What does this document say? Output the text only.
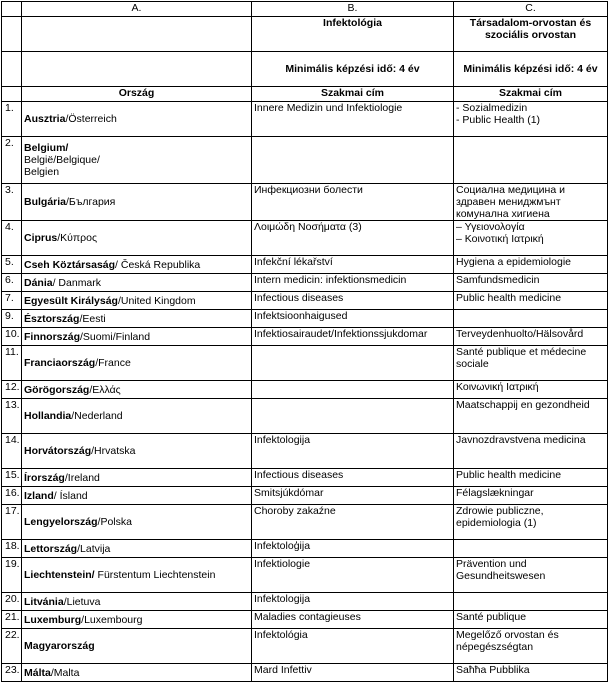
	A.	B.	C.
		Infektológia	Társadalom-orvostan és szociális orvostan
		Minimális képzési idő: 4 év	Minimális képzési idő: 4 év
	Ország	Szakmai cím	Szakmai cím
1.	Ausztria/Österreich	Innere Medizin und Infektiologie	- Sozialmedizin
- Public Health (1)
2.	Belgium/
België/Belgique/
Belgien		
3.	Bulgária/България	Инфекциозни болести	Социална медицина и здравен мениджмънт комунална хигиена
4.	Ciprus/Κύπρος	Λοιμώδη Νοσήματα (3)	– Υγειονολογία
– Κοινοτική Ιατρική
5.	Cseh Köztársaság/ Česká Republika	Infekční lékařství	Hygiena a epidemiologie
6.	Dánia/ Danmark	Intern medicin: infektionsmedicin	Samfundsmedicin
7.	Egyesült Királyság/United Kingdom	Infectious diseases	Public health medicine
9.	Észtország/Eesti	Infektsioonhaigused	
10.	Finnország/Suomi/Finland	Infektiosairaudet/Infektionssjukdomar	Terveydenhuolto/Hälsovård
11.	Franciaország/France		Santé publique et médecine sociale
12.	Görögország/Ελλάς		Κοινωνική Ιατρική
13.	Hollandia/Nederland		Maatschappij en gezondheid
14.	Horvátország/Hrvatska	Infektologija	Javnozdravstvena medicina
15.	Írország/Ireland	Infectious diseases	Public health medicine
16.	Izland/ Ísland	Smitsjúkdómar	Félagslækningar
17.	Lengyelország/Polska	Choroby zakaźne	Zdrowie publiczne, epidemiologia (1)
18.	Lettország/Latvija	Infektoloģija	
19.	Liechtenstein/ Fürstentum Liechtenstein	Infektiologie	Prävention und Gesundheitswesen
20.	Litvánia/Lietuva	Infektologija	
21.	Luxemburg/Luxembourg	Maladies contagieuses	Santé publique
22.	Magyarország	Infektológia	Megelőző orvostan és népegészségtan
23.	Málta/Malta	Mard Infettiv	Saħħa Pubblika
